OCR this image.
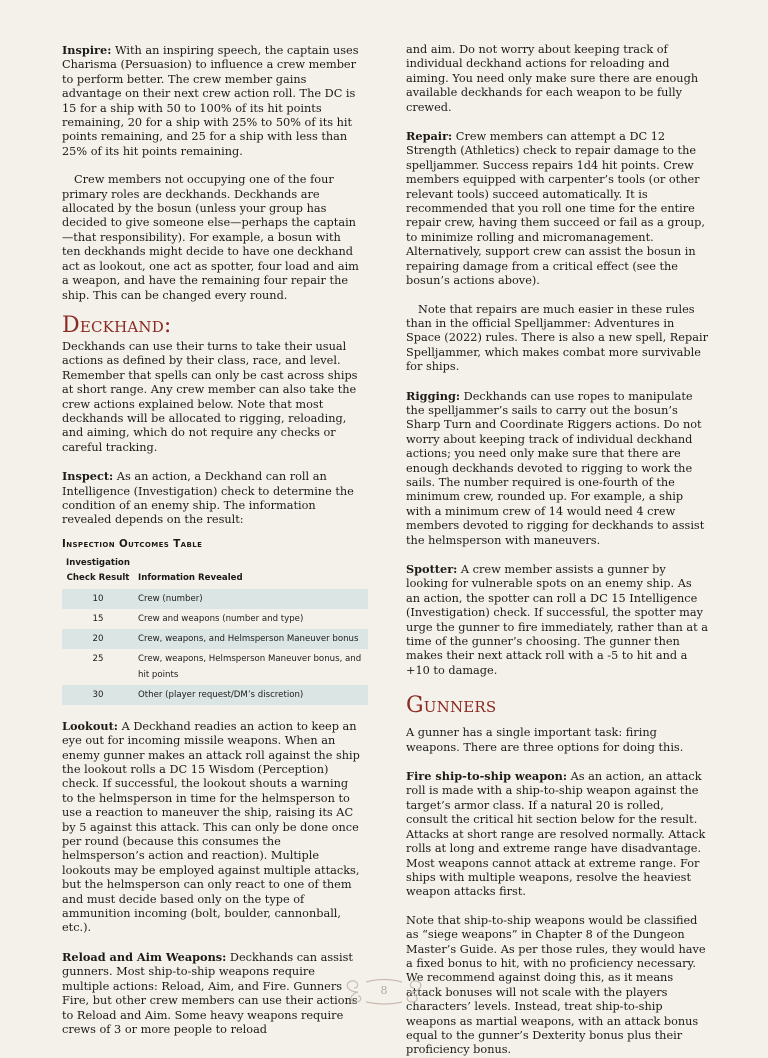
Inspire: With an inspiring speech, the captain uses Charisma (Persuasion) to influence a crew member to perform better. The crew member gains advantage on their next crew action roll. The DC is 15 for a ship with 50 to 100% of its hit points remaining, 20 for a ship with 25% to 50% of its hit points remaining, and 25 for a ship with less than 25% of its hit points remaining.

Crew members not occupying one of the four primary roles are deckhands. Deckhands are allocated by the bosun (unless your group has decided to give someone else—perhaps the captain—that responsibility). For example, a bosun with ten deckhands might decide to have one deckhand act as lookout, one act as spotter, four load and aim a weapon, and have the remaining four repair the ship. This can be changed every round.

Deckhand:

Deckhands can use their turns to take their usual actions as defined by their class, race, and level. Remember that spells can only be cast across ships at short range. Any crew member can also take the crew actions explained below. Note that most deckhands will be allocated to rigging, reloading, and aiming, which do not require any checks or careful tracking.

Inspect: As an action, a Deckhand can roll an Intelligence (Investigation) check to determine the condition of an enemy ship. The information revealed depends on the result:

Inspection Outcomes Table
Investigation
Check Result	Information Revealed
10	Crew (number)
15	Crew and weapons (number and type)
20	Crew, weapons, and Helmsperson Maneuver bonus
25	Crew, weapons, Helmsperson Maneuver bonus, and hit points
30	Other (player request/DM’s discretion)

Lookout: A Deckhand readies an action to keep an eye out for incoming missile weapons. When an enemy gunner makes an attack roll against the ship the lookout rolls a DC 15 Wisdom (Perception) check. If successful, the lookout shouts a warning to the helmsperson in time for the helmsperson to use a reaction to maneuver the ship, raising its AC by 5 against this attack. This can only be done once per round (because this consumes the helmsperson’s action and reaction). Multiple lookouts may be employed against multiple attacks, but the helmsperson can only react to one of them and must decide based only on the type of ammunition incoming (bolt, boulder, cannonball, etc.).

Reload and Aim Weapons: Deckhands can assist gunners. Most ship-to-ship weapons require multiple actions: Reload, Aim, and Fire. Gunners Fire, but other crew members can use their actions to Reload and Aim. Some heavy weapons require crews of 3 or more people to reload

and aim. Do not worry about keeping track of individual deckhand actions for reloading and aiming. You need only make sure there are enough available deckhands for each weapon to be fully crewed.

Repair: Crew members can attempt a DC 12 Strength (Athletics) check to repair damage to the spelljammer. Success repairs 1d4 hit points. Crew members equipped with carpenter’s tools (or other relevant tools) succeed automatically. It is recommended that you roll one time for the entire repair crew, having them succeed or fail as a group, to minimize rolling and micromanagement. Alternatively, support crew can assist the bosun in repairing damage from a critical effect (see the bosun’s actions above).

Note that repairs are much easier in these rules than in the official Spelljammer: Adventures in Space (2022) rules. There is also a new spell, Repair Spelljammer, which makes combat more survivable for ships.

Rigging: Deckhands can use ropes to manipulate the spelljammer’s sails to carry out the bosun’s Sharp Turn and Coordinate Riggers actions. Do not worry about keeping track of individual deckhand actions; you need only make sure that there are enough deckhands devoted to rigging to work the sails. The number required is one-fourth of the minimum crew, rounded up. For example, a ship with a minimum crew of 14 would need 4 crew members devoted to rigging for deckhands to assist the helmsperson with maneuvers.

Spotter: A crew member assists a gunner by looking for vulnerable spots on an enemy ship. As an action, the spotter can roll a DC 15 Intelligence (Investigation) check. If successful, the spotter may urge the gunner to fire immediately, rather than at a time of the gunner’s choosing. The gunner then makes their next attack roll with a -5 to hit and a +10 to damage.

Gunners

A gunner has a single important task: firing weapons. There are three options for doing this.

Fire ship-to-ship weapon: As an action, an attack roll is made with a ship-to-ship weapon against the target’s armor class. If a natural 20 is rolled, consult the critical hit section below for the result. Attacks at short range are resolved normally. Attack rolls at long and extreme range have disadvantage. Most weapons cannot attack at extreme range. For ships with multiple weapons, resolve the heaviest weapon attacks first.

Note that ship-to-ship weapons would be classified as “siege weapons” in Chapter 8 of the Dungeon Master’s Guide. As per those rules, they would have a fixed bonus to hit, with no proficiency necessary. We recommend against doing this, as it means attack bonuses will not scale with the players characters’ levels. Instead, treat ship-to-ship weapons as martial weapons, with an attack bonus equal to the gunner’s Dexterity bonus plus their proficiency bonus.

8
